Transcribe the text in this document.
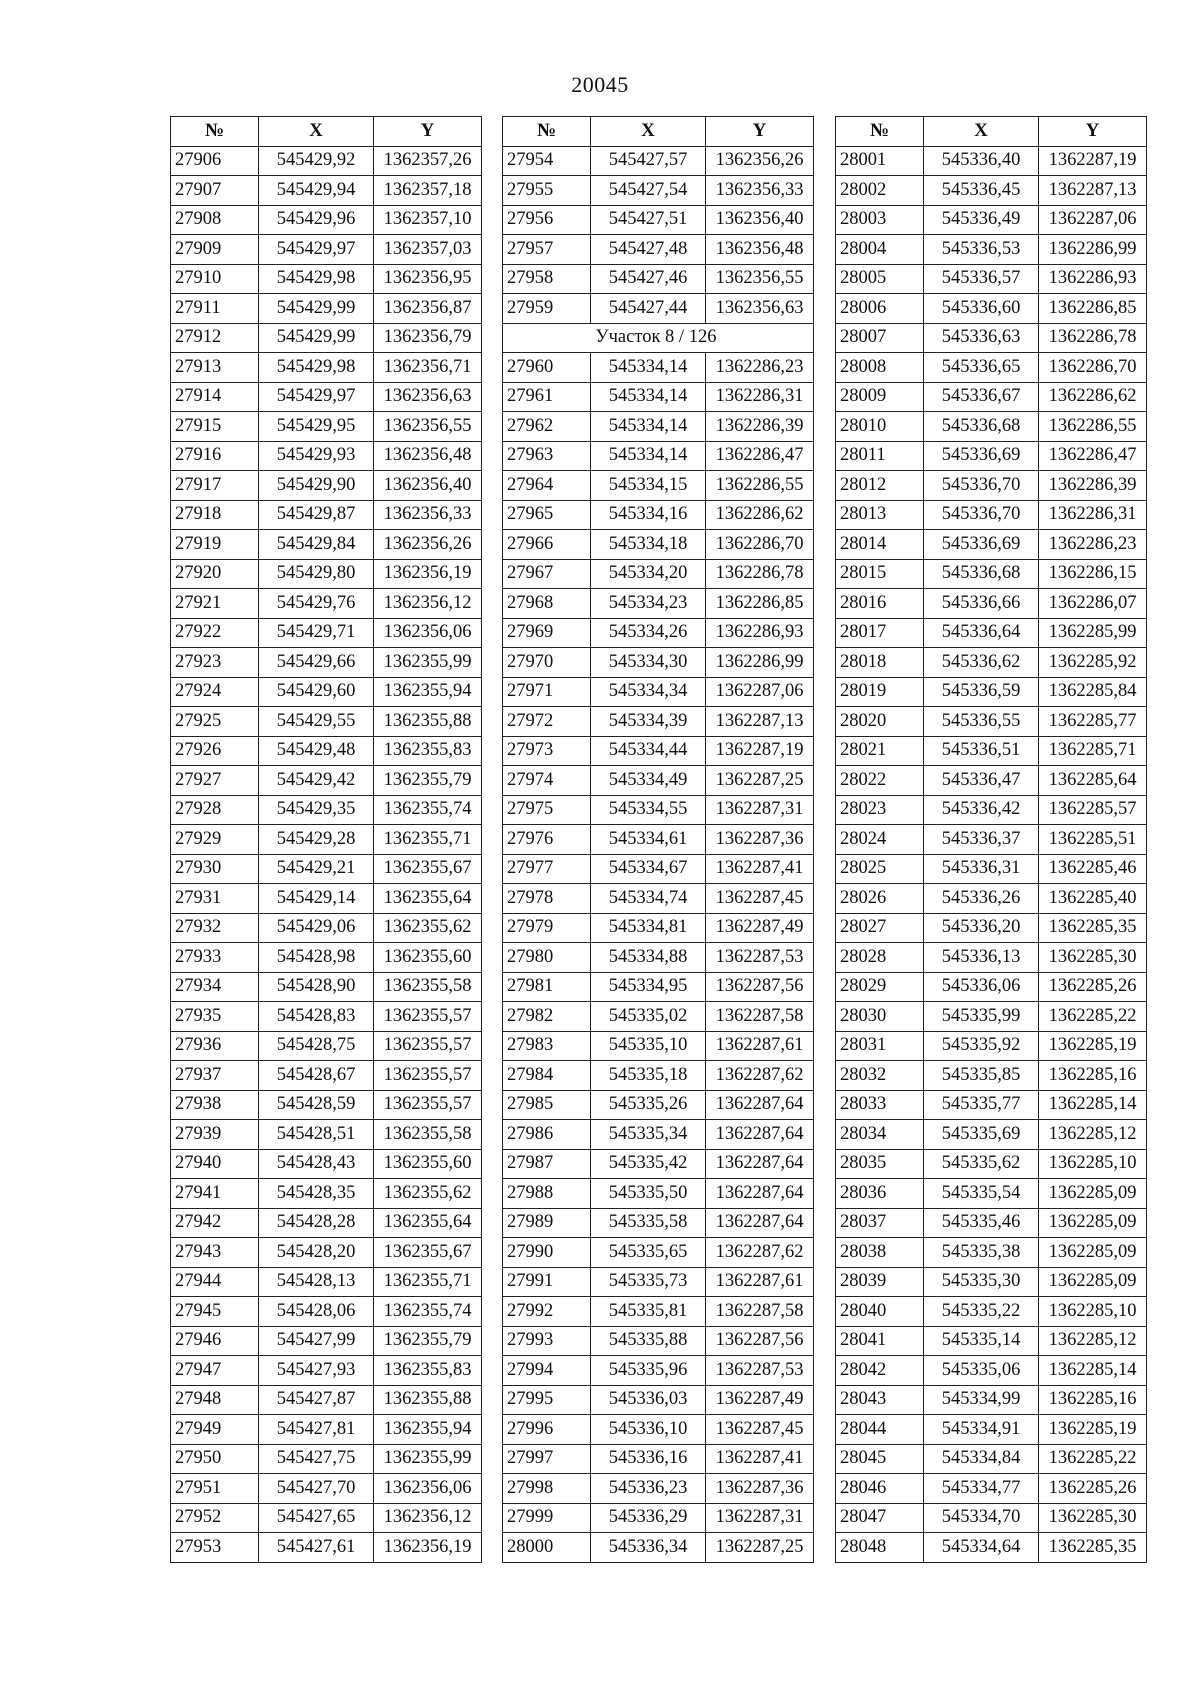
20045
№	X	Y
27906	545429,92	1362357,26
27907	545429,94	1362357,18
27908	545429,96	1362357,10
27909	545429,97	1362357,03
27910	545429,98	1362356,95
27911	545429,99	1362356,87
27912	545429,99	1362356,79
27913	545429,98	1362356,71
27914	545429,97	1362356,63
27915	545429,95	1362356,55
27916	545429,93	1362356,48
27917	545429,90	1362356,40
27918	545429,87	1362356,33
27919	545429,84	1362356,26
27920	545429,80	1362356,19
27921	545429,76	1362356,12
27922	545429,71	1362356,06
27923	545429,66	1362355,99
27924	545429,60	1362355,94
27925	545429,55	1362355,88
27926	545429,48	1362355,83
27927	545429,42	1362355,79
27928	545429,35	1362355,74
27929	545429,28	1362355,71
27930	545429,21	1362355,67
27931	545429,14	1362355,64
27932	545429,06	1362355,62
27933	545428,98	1362355,60
27934	545428,90	1362355,58
27935	545428,83	1362355,57
27936	545428,75	1362355,57
27937	545428,67	1362355,57
27938	545428,59	1362355,57
27939	545428,51	1362355,58
27940	545428,43	1362355,60
27941	545428,35	1362355,62
27942	545428,28	1362355,64
27943	545428,20	1362355,67
27944	545428,13	1362355,71
27945	545428,06	1362355,74
27946	545427,99	1362355,79
27947	545427,93	1362355,83
27948	545427,87	1362355,88
27949	545427,81	1362355,94
27950	545427,75	1362355,99
27951	545427,70	1362356,06
27952	545427,65	1362356,12
27953	545427,61	1362356,19
№	X	Y
27954	545427,57	1362356,26
27955	545427,54	1362356,33
27956	545427,51	1362356,40
27957	545427,48	1362356,48
27958	545427,46	1362356,55
27959	545427,44	1362356,63
Участок 8 / 126		
27960	545334,14	1362286,23
27961	545334,14	1362286,31
27962	545334,14	1362286,39
27963	545334,14	1362286,47
27964	545334,15	1362286,55
27965	545334,16	1362286,62
27966	545334,18	1362286,70
27967	545334,20	1362286,78
27968	545334,23	1362286,85
27969	545334,26	1362286,93
27970	545334,30	1362286,99
27971	545334,34	1362287,06
27972	545334,39	1362287,13
27973	545334,44	1362287,19
27974	545334,49	1362287,25
27975	545334,55	1362287,31
27976	545334,61	1362287,36
27977	545334,67	1362287,41
27978	545334,74	1362287,45
27979	545334,81	1362287,49
27980	545334,88	1362287,53
27981	545334,95	1362287,56
27982	545335,02	1362287,58
27983	545335,10	1362287,61
27984	545335,18	1362287,62
27985	545335,26	1362287,64
27986	545335,34	1362287,64
27987	545335,42	1362287,64
27988	545335,50	1362287,64
27989	545335,58	1362287,64
27990	545335,65	1362287,62
27991	545335,73	1362287,61
27992	545335,81	1362287,58
27993	545335,88	1362287,56
27994	545335,96	1362287,53
27995	545336,03	1362287,49
27996	545336,10	1362287,45
27997	545336,16	1362287,41
27998	545336,23	1362287,36
27999	545336,29	1362287,31
28000	545336,34	1362287,25
№	X	Y
28001	545336,40	1362287,19
28002	545336,45	1362287,13
28003	545336,49	1362287,06
28004	545336,53	1362286,99
28005	545336,57	1362286,93
28006	545336,60	1362286,85
28007	545336,63	1362286,78
28008	545336,65	1362286,70
28009	545336,67	1362286,62
28010	545336,68	1362286,55
28011	545336,69	1362286,47
28012	545336,70	1362286,39
28013	545336,70	1362286,31
28014	545336,69	1362286,23
28015	545336,68	1362286,15
28016	545336,66	1362286,07
28017	545336,64	1362285,99
28018	545336,62	1362285,92
28019	545336,59	1362285,84
28020	545336,55	1362285,77
28021	545336,51	1362285,71
28022	545336,47	1362285,64
28023	545336,42	1362285,57
28024	545336,37	1362285,51
28025	545336,31	1362285,46
28026	545336,26	1362285,40
28027	545336,20	1362285,35
28028	545336,13	1362285,30
28029	545336,06	1362285,26
28030	545335,99	1362285,22
28031	545335,92	1362285,19
28032	545335,85	1362285,16
28033	545335,77	1362285,14
28034	545335,69	1362285,12
28035	545335,62	1362285,10
28036	545335,54	1362285,09
28037	545335,46	1362285,09
28038	545335,38	1362285,09
28039	545335,30	1362285,09
28040	545335,22	1362285,10
28041	545335,14	1362285,12
28042	545335,06	1362285,14
28043	545334,99	1362285,16
28044	545334,91	1362285,19
28045	545334,84	1362285,22
28046	545334,77	1362285,26
28047	545334,70	1362285,30
28048	545334,64	1362285,35
